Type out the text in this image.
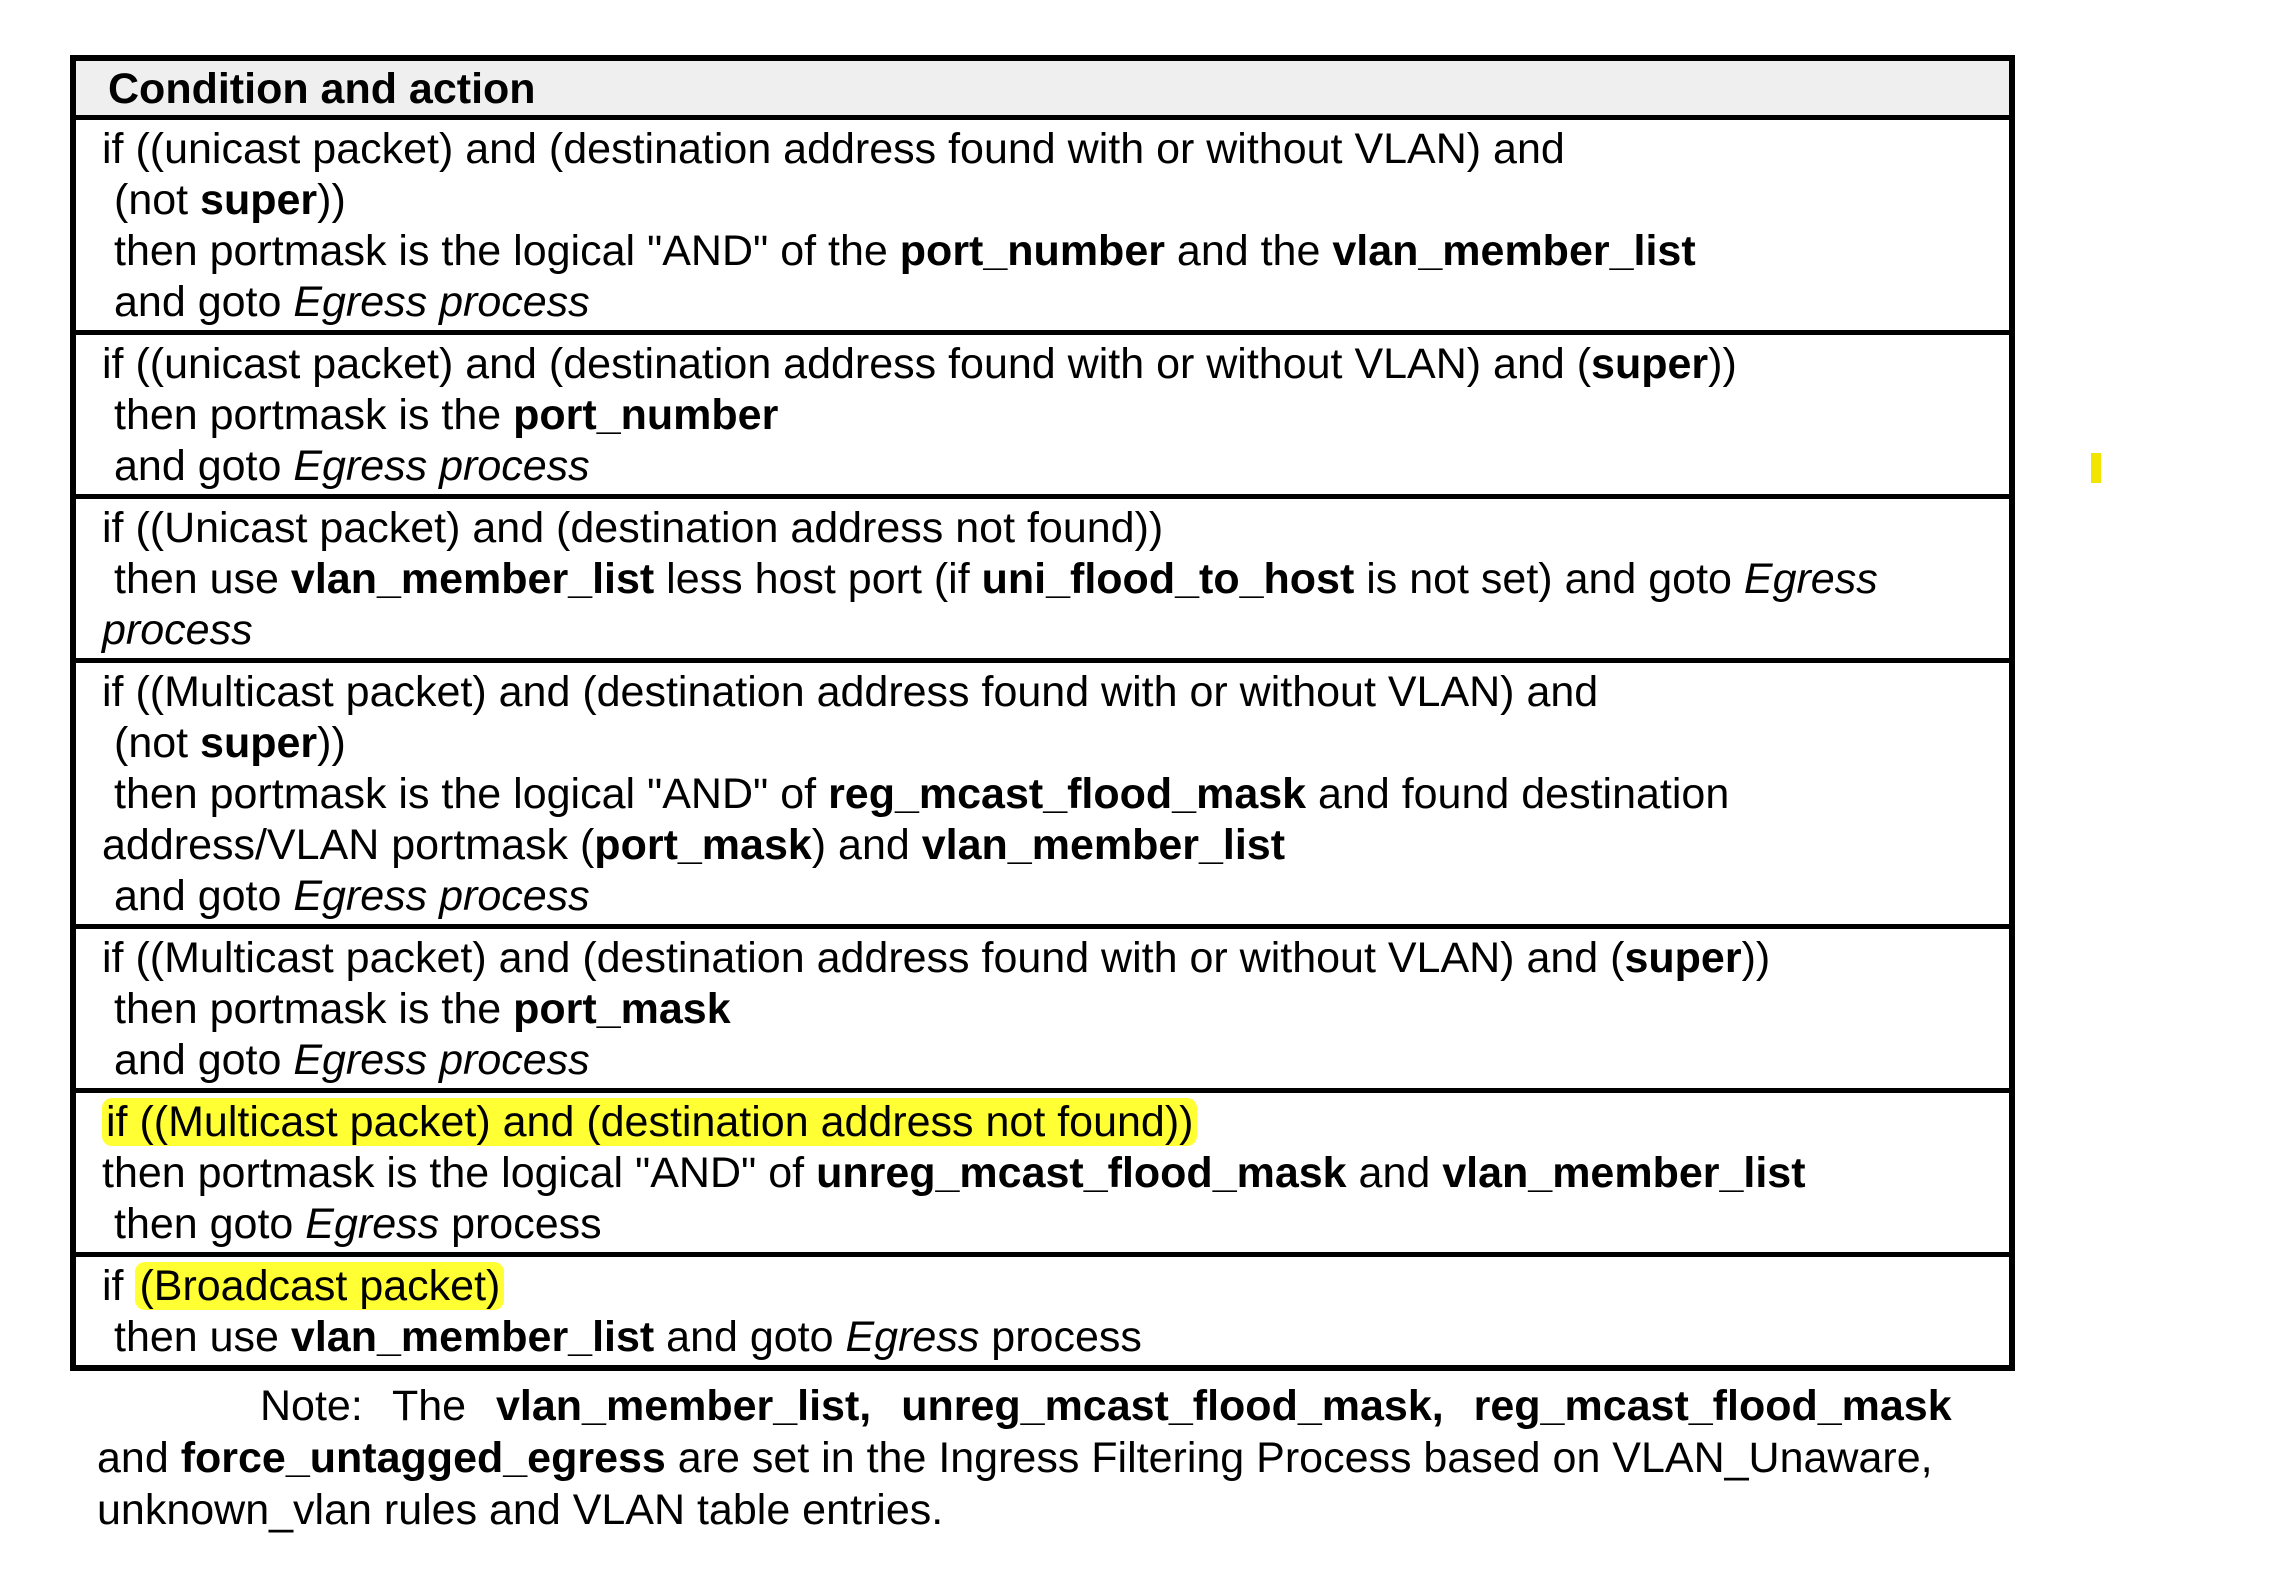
Condition and action
if ((unicast packet) and (destination address found with or without VLAN) and
(not super))
then portmask is the logical "AND" of the port_number and the vlan_member_list
and goto Egress process
if ((unicast packet) and (destination address found with or without VLAN) and (super))
then portmask is the port_number
and goto Egress process
if ((Unicast packet) and (destination address not found))
then use vlan_member_list less host port (if uni_flood_to_host is not set) and goto Egress
process
if ((Multicast packet) and (destination address found with or without VLAN) and
(not super))
then portmask is the logical "AND" of reg_mcast_flood_mask and found destination
address/VLAN portmask (port_mask) and vlan_member_list
and goto Egress process
if ((Multicast packet) and (destination address found with or without VLAN) and (super))
then portmask is the port_mask
and goto Egress process
if ((Multicast packet) and (destination address not found))
then portmask is the logical "AND" of unreg_mcast_flood_mask and vlan_member_list
then goto Egress process
if (Broadcast packet)
then use vlan_member_list and goto Egress process
Note: The vlan_member_list, unreg_mcast_flood_mask, reg_mcast_flood_mask
and force_untagged_egress are set in the Ingress Filtering Process based on VLAN_Unaware,
unknown_vlan rules and VLAN table entries.
